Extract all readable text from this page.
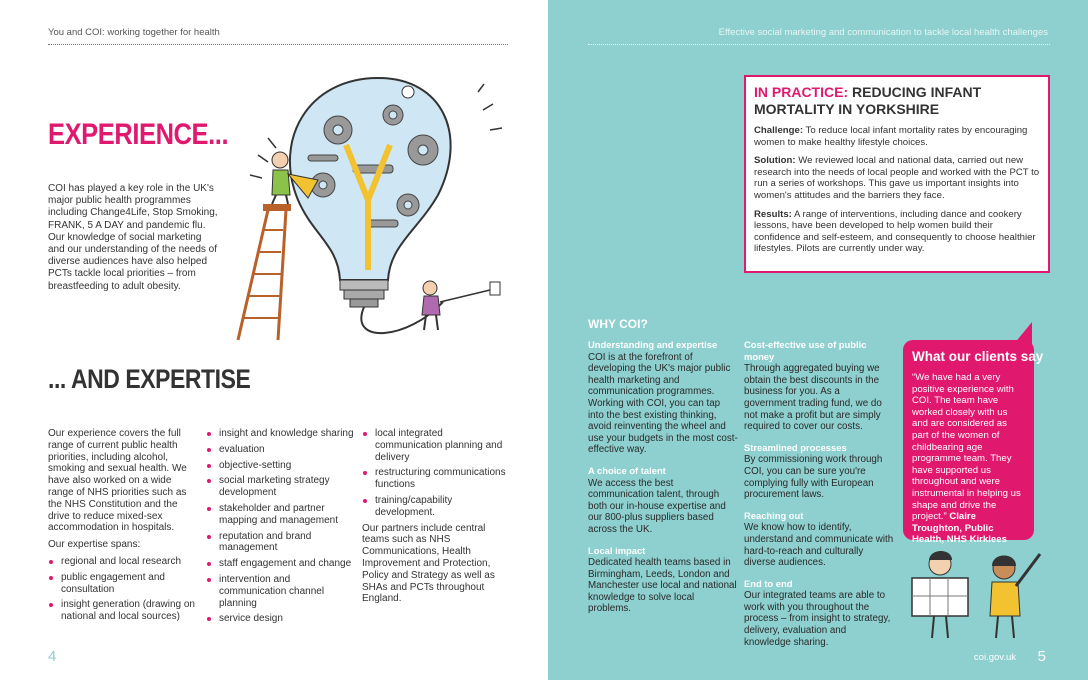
You and COI: working together for health
EXPERIENCE...
COI has played a key role in the UK's major public health programmes including Change4Life, Stop Smoking, FRANK, 5 A DAY and pandemic flu. Our knowledge of social marketing and our understanding of the needs of diverse audiences have also helped PCTs tackle local priorities – from breastfeeding to adult obesity.
... AND EXPERTISE

Our experience covers the full range of current public health priorities, including alcohol, smoking and sexual health. We have also worked on a wide range of NHS priorities such as the NHS Constitution and the drive to reduce mixed-sex accommodation in hospitals.

Our expertise spans:

regional and local research
public engagement and consultation
insight generation (drawing on national and local sources)
insight and knowledge sharing
evaluation
objective-setting
social marketing strategy development
stakeholder and partner mapping and management
reputation and brand management
staff engagement and change
intervention and communication channel planning
service design
local integrated communication planning and delivery
restructuring communications functions
training/capability development.

Our partners include central teams such as NHS Communications, Health Improvement and Protection, Policy and Strategy as well as SHAs and PCTs throughout England.

4
Effective social marketing and communication to tackle local health challenges
IN PRACTICE: REDUCING INFANT MORTALITY IN YORKSHIRE

Challenge: To reduce local infant mortality rates by encouraging women to make healthy lifestyle choices.

Solution: We reviewed local and national data, carried out new research into the needs of local people and worked with the PCT to run a series of workshops. This gave us important insights into women's attitudes and the barriers they face.

Results: A range of interventions, including dance and cookery lessons, have been developed to help women build their confidence and self-esteem, and consequently to choose healthier lifestyles. Pilots are currently under way.

WHY COI?
Understanding and expertise

COI is at the forefront of developing the UK's major public health marketing and communication programmes. Working with COI, you can tap into the best existing thinking, avoid reinventing the wheel and use your budgets in the most cost-effective way.

A choice of talent

We access the best communication talent, through both our in-house expertise and our 800-plus suppliers based across the UK.

Local impact

Dedicated health teams based in Birmingham, Leeds, London and Manchester use local and national knowledge to solve local problems.

Cost-effective use of public money

Through aggregated buying we obtain the best discounts in the business for you. As a government trading fund, we do not make a profit but are simply required to cover our costs.

Streamlined processes

By commissioning work through COI, you can be sure you're complying fully with European procurement laws.

Reaching out

We know how to identify, understand and communicate with hard-to-reach and culturally diverse audiences.

End to end

Our integrated teams are able to work with you throughout the process – from insight to strategy, delivery, evaluation and knowledge sharing.

What our clients say

“We have had a very positive experience with COI. The team have worked closely with us and are considered as part of the women of childbearing age programme team. They have supported us throughout and were instrumental in helping us shape and drive the project.” Claire Troughton, Public Health, NHS Kirklees

coi.gov.uk 5
